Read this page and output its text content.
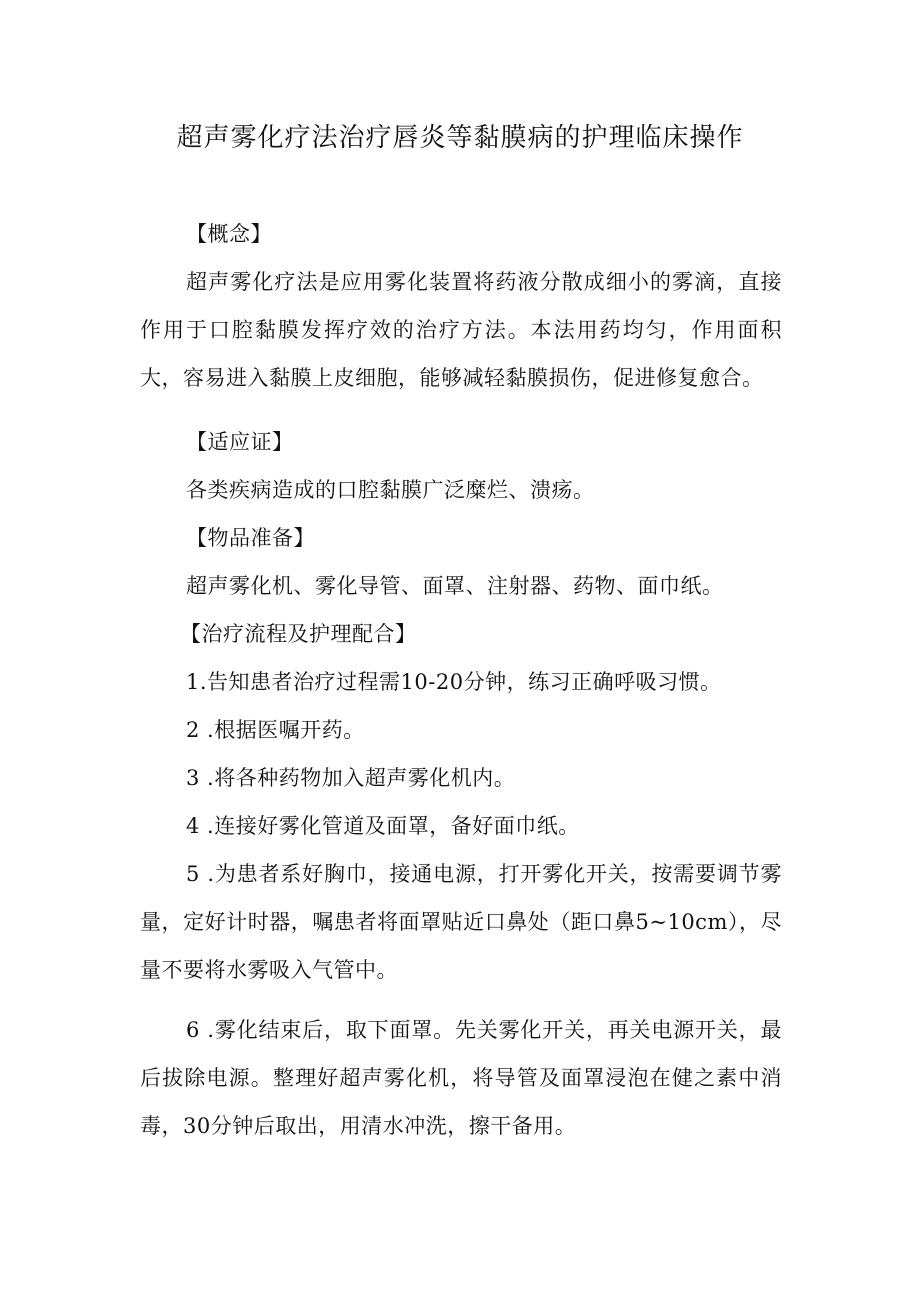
超声雾化疗法治疗唇炎等黏膜病的护理临床操作

【概念】

超声雾化疗法是应用雾化装置将药液分散成细小的雾滴，直接作用于口腔黏膜发挥疗效的治疗方法。本法用药均匀，作用面积大，容易进入黏膜上皮细胞，能够减轻黏膜损伤，促进修复愈合。

【适应证】

各类疾病造成的口腔黏膜广泛糜烂、溃疡。

【物品准备】

超声雾化机、雾化导管、面罩、注射器、药物、面巾纸。

【治疗流程及护理配合】

1.告知患者治疗过程需10-20分钟，练习正确呼吸习惯。

2 .根据医嘱开药。

3 .将各种药物加入超声雾化机内。

4 .连接好雾化管道及面罩，备好面巾纸。

5 .为患者系好胸巾，接通电源，打开雾化开关，按需要调节雾量，定好计时器，嘱患者将面罩贴近口鼻处（距口鼻5~10cm），尽量不要将水雾吸入气管中。

6 .雾化结束后，取下面罩。先关雾化开关，再关电源开关，最后拔除电源。整理好超声雾化机，将导管及面罩浸泡在健之素中消毒，30分钟后取出，用清水冲洗，擦干备用。
